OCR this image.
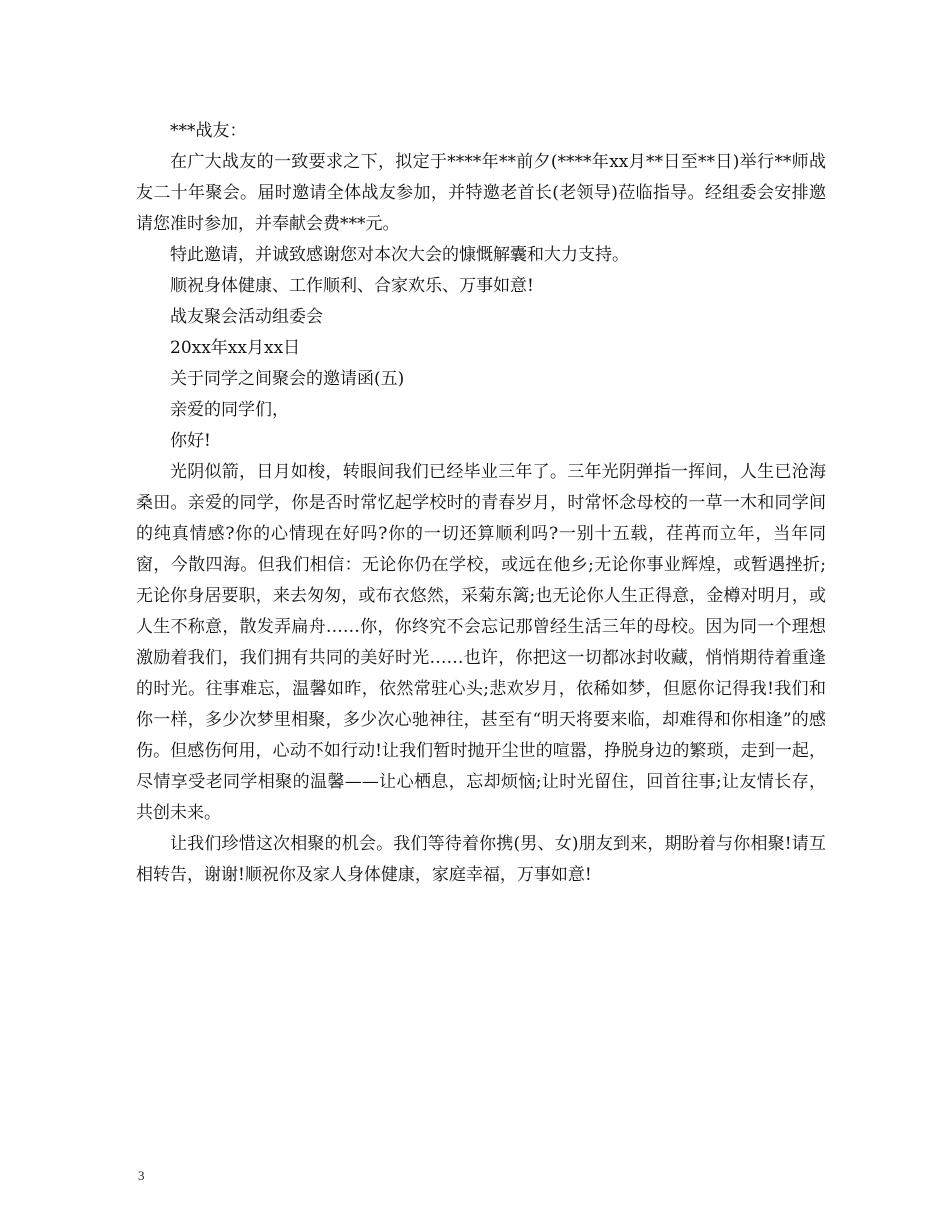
***战友：

在广大战友的一致要求之下，拟定于****年**前夕(****年xx月**日至**日)举行**师战友二十年聚会。届时邀请全体战友参加，并特邀老首长(老领导)莅临指导。经组委会安排邀请您准时参加，并奉献会费***元。

特此邀请，并诚致感谢您对本次大会的慷慨解囊和大力支持。

顺祝身体健康、工作顺利、合家欢乐、万事如意!

战友聚会活动组委会

20xx年xx月xx日

关于同学之间聚会的邀请函(五)

亲爱的同学们，

你好!

光阴似箭，日月如梭，转眼间我们已经毕业三年了。三年光阴弹指一挥间，人生已沧海桑田。亲爱的同学，你是否时常忆起学校时的青春岁月，时常怀念母校的一草一木和同学间的纯真情感?你的心情现在好吗?你的一切还算顺利吗?一别十五载，荏苒而立年，当年同窗，今散四海。但我们相信：无论你仍在学校，或远在他乡;无论你事业辉煌，或暂遇挫折;无论你身居要职，来去匆匆，或布衣悠然，采菊东篱;也无论你人生正得意，金樽对明月，或人生不称意，散发弄扁舟……你，你终究不会忘记那曾经生活三年的母校。因为同一个理想激励着我们，我们拥有共同的美好时光……也许，你把这一切都冰封收藏，悄悄期待着重逢的时光。往事难忘，温馨如昨，依然常驻心头;悲欢岁月，依稀如梦，但愿你记得我!我们和你一样，多少次梦里相聚，多少次心驰神往，甚至有“明天将要来临，却难得和你相逢”的感伤。但感伤何用，心动不如行动!让我们暂时抛开尘世的喧嚣，挣脱身边的繁琐，走到一起，尽情享受老同学相聚的温馨——让心栖息，忘却烦恼;让时光留住，回首往事;让友情长存，共创未来。

让我们珍惜这次相聚的机会。我们等待着你携(男、女)朋友到来，期盼着与你相聚!请互相转告，谢谢!顺祝你及家人身体健康，家庭幸福，万事如意!

3
